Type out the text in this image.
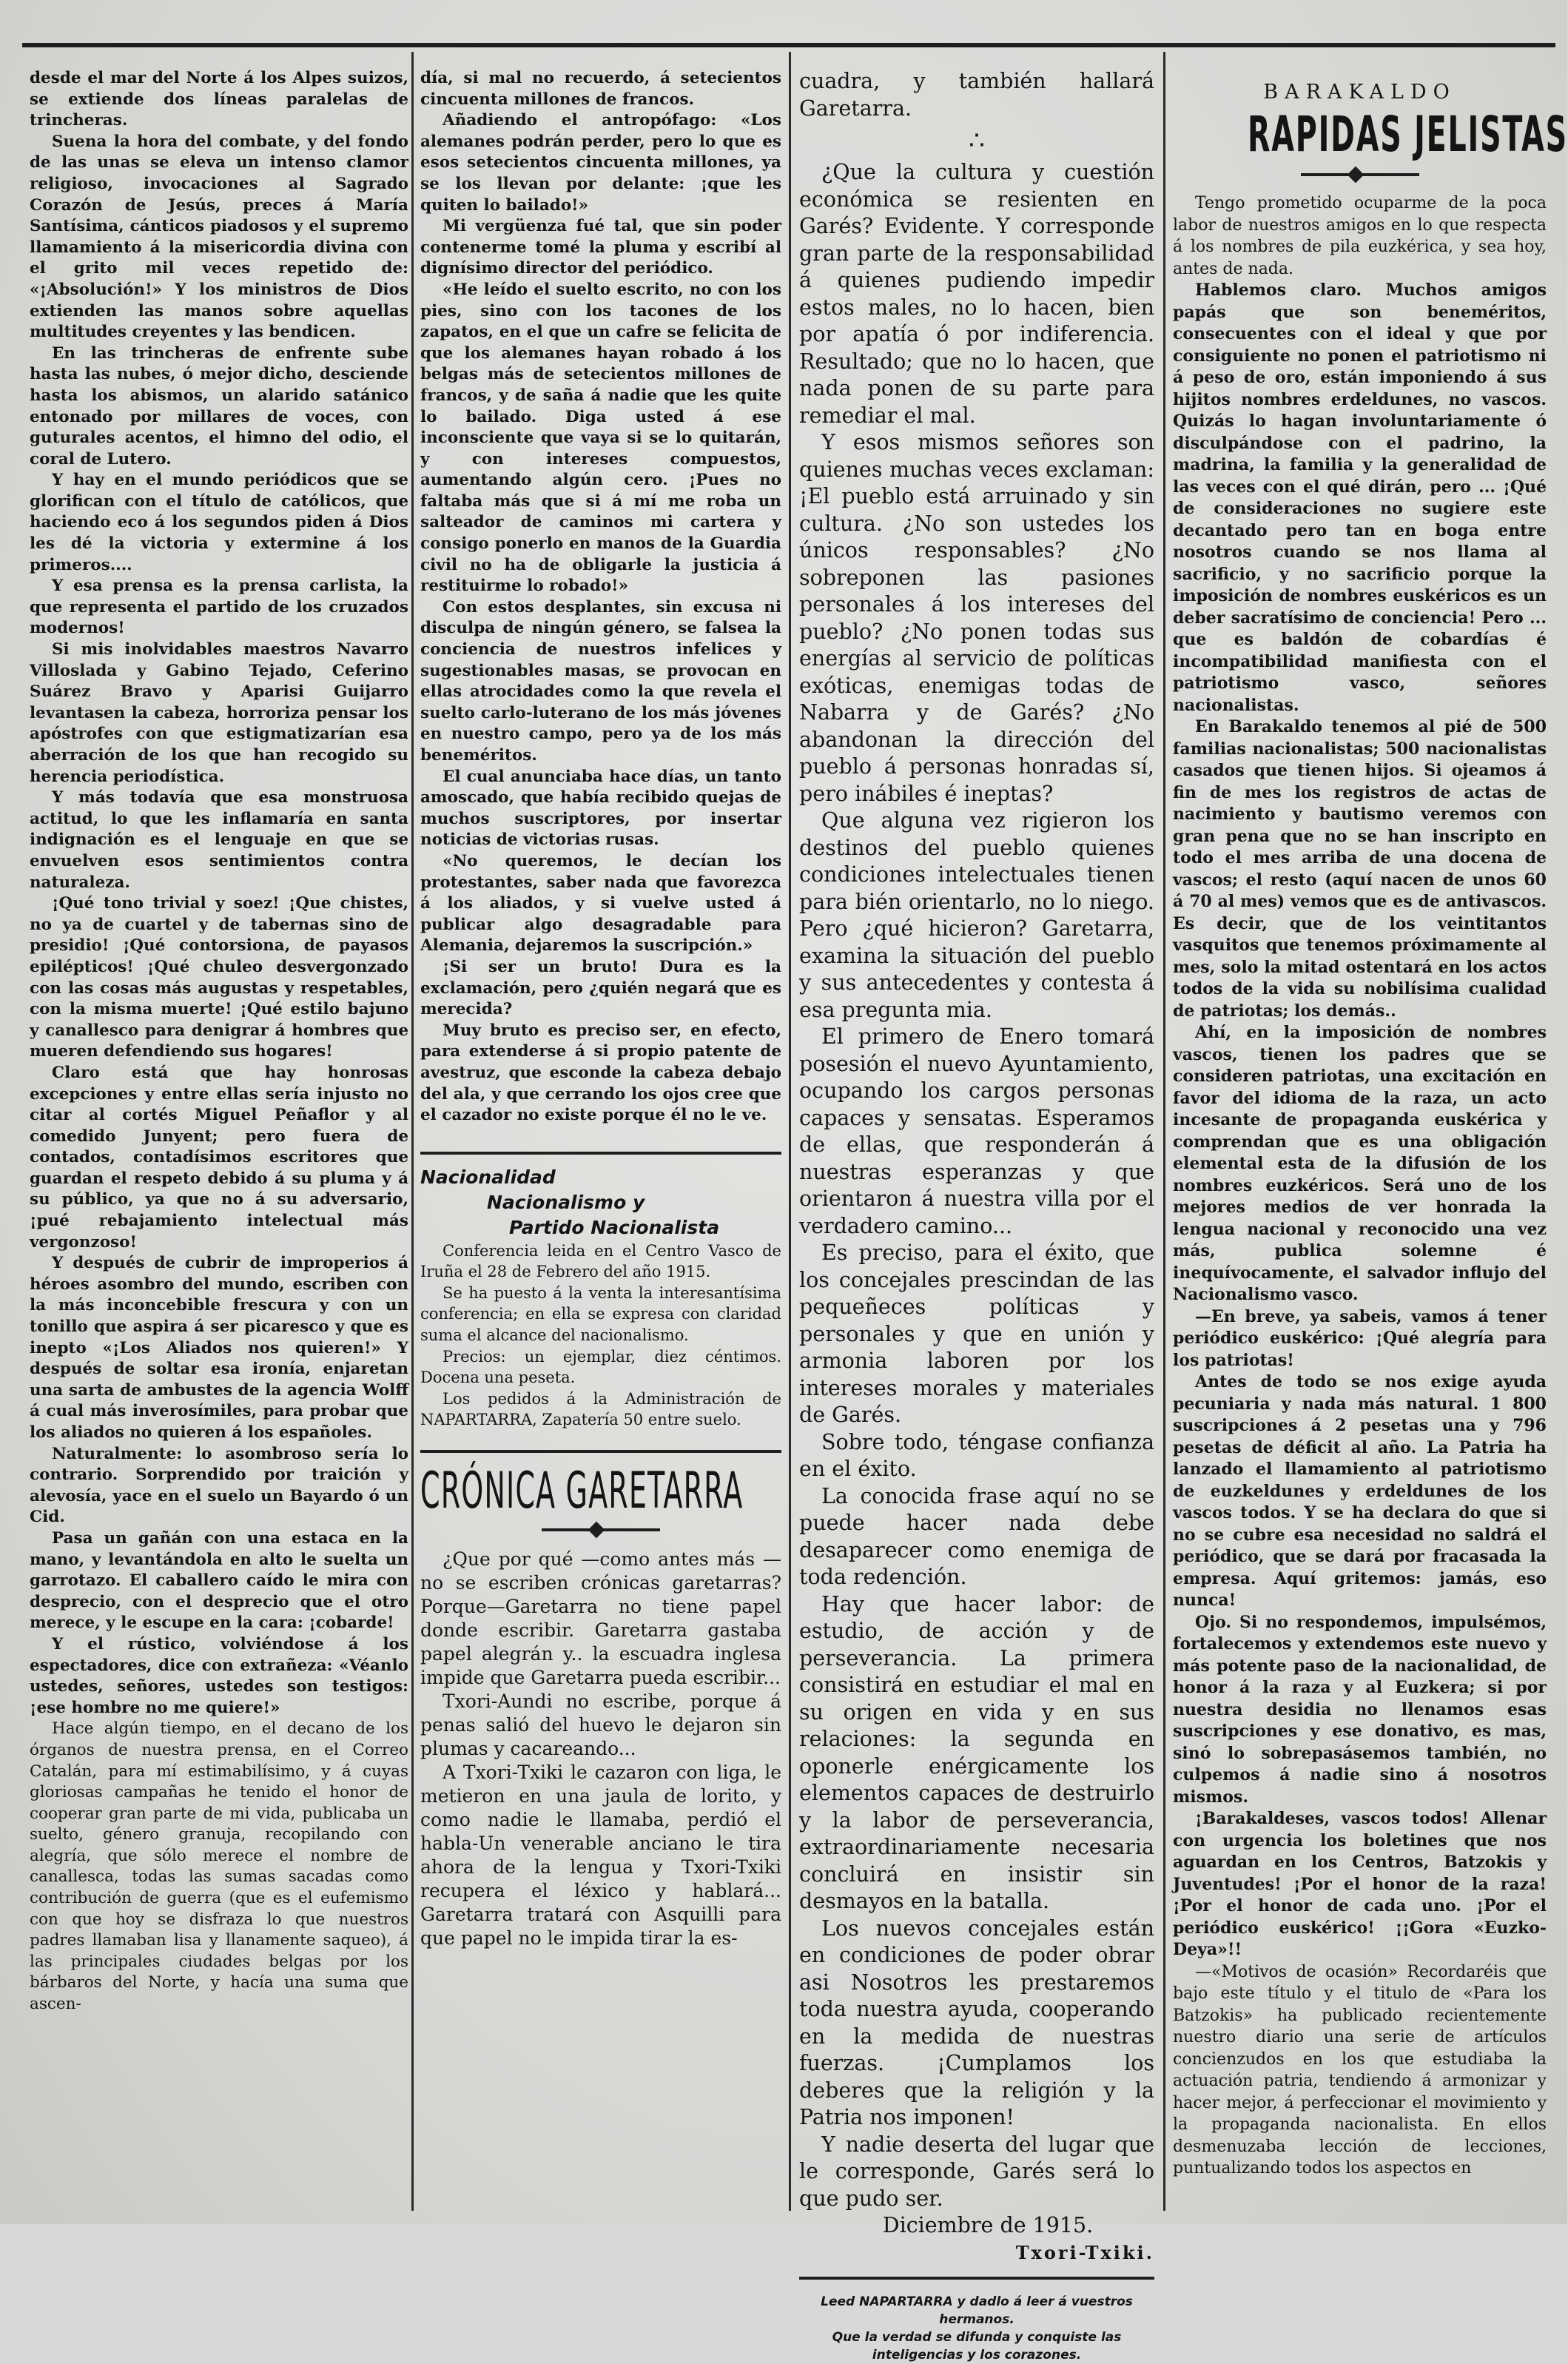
desde el mar del Norte á los Alpes suizos, se extiende dos líneas paralelas de trincheras.

Suena la hora del combate, y del fondo de las unas se eleva un intenso clamor religioso, invocaciones al Sagrado Corazón de Jesús, preces á María Santísima, cánticos piadosos y el supremo llamamiento á la misericordia divina con el grito mil veces repetido de: «¡Absolución!» Y los ministros de Dios extienden las manos sobre aquellas multitudes creyentes y las bendicen.

En las trincheras de enfrente sube hasta las nubes, ó mejor dicho, desciende hasta los abismos, un alarido satánico entonado por millares de voces, con guturales acentos, el himno del odio, el coral de Lutero.

Y hay en el mundo periódicos que se glorifican con el título de católicos, que haciendo eco á los segundos piden á Dios les dé la victoria y extermine á los primeros....

Y esa prensa es la prensa carlista, la que representa el partido de los cruzados modernos!

Si mis inolvidables maestros Navarro Villoslada y Gabino Tejado, Ceferino Suárez Bravo y Aparisi Guijarro levantasen la cabeza, horroriza pensar los apóstrofes con que estigmatizarían esa aberración de los que han recogido su herencia periodística.

Y más todavía que esa monstruosa actitud, lo que les inflamaría en santa indignación es el lenguaje en que se envuelven esos sentimientos contra naturaleza.

¡Qué tono trivial y soez! ¡Que chistes, no ya de cuartel y de tabernas sino de presidio! ¡Qué contorsiona, de payasos epilépticos! ¡Qué chuleo desvergonzado con las cosas más augustas y respetables, con la misma muerte! ¡Qué estilo bajuno y canallesco para denigrar á hombres que mueren defendiendo sus hogares!

Claro está que hay honrosas excepciones y entre ellas sería injusto no citar al cortés Miguel Peñaflor y al comedido Junyent; pero fuera de contados, contadísimos escritores que guardan el respeto debido á su pluma y á su público, ya que no á su adversario, ¡pué rebajamiento intelectual más vergonzoso!

Y después de cubrir de improperios á héroes asombro del mundo, escriben con la más inconcebible frescura y con un tonillo que aspira á ser picaresco y que es inepto «¡Los Aliados nos quieren!» Y después de soltar esa ironía, enjaretan una sarta de ambustes de la agencia Wolff á cual más inverosímiles, para probar que los aliados no quieren á los españoles.

Naturalmente: lo asombroso sería lo contrario. Sorprendido por traición y alevosía, yace en el suelo un Bayardo ó un Cid.

Pasa un gañán con una estaca en la mano, y levantándola en alto le suelta un garrotazo. El caballero caído le mira con desprecio, con el desprecio que el otro merece, y le escupe en la cara: ¡cobarde!

Y el rústico, volviéndose á los espectadores, dice con extrañeza: «Véanlo ustedes, señores, ustedes son testigos: ¡ese hombre no me quiere!»

Hace algún tiempo, en el decano de los órganos de nuestra prensa, en el Correo Catalán, para mí estimabilísimo, y á cuyas gloriosas campañas he tenido el honor de cooperar gran parte de mi vida, publicaba un suelto, género granuja, recopilando con alegría, que sólo merece el nombre de canallesca, todas las sumas sacadas como contribución de guerra (que es el eufemismo con que hoy se disfraza lo que nuestros padres llamaban lisa y llanamente saqueo), á las principales ciudades belgas por los bárbaros del Norte, y hacía una suma que ascen-

día, si mal no recuerdo, á setecientos cincuenta millones de francos.

Añadiendo el antropófago: «Los alemanes podrán perder, pero lo que es esos setecientos cincuenta millones, ya se los llevan por delante: ¡que les quiten lo bailado!»

Mi vergüenza fué tal, que sin poder contenerme tomé la pluma y escribí al dignísimo director del periódico.

«He leído el suelto escrito, no con los pies, sino con los tacones de los zapatos, en el que un cafre se felicita de que los alemanes hayan robado á los belgas más de setecientos millones de francos, y de saña á nadie que les quite lo bailado. Diga usted á ese inconsciente que vaya si se lo quitarán, y con intereses compuestos, aumentando algún cero. ¡Pues no faltaba más que si á mí me roba un salteador de caminos mi cartera y consigo ponerlo en manos de la Guardia civil no ha de obligarle la justicia á restituirme lo robado!»

Con estos desplantes, sin excusa ni disculpa de ningún género, se falsea la conciencia de nuestros infelices y sugestionables masas, se provocan en ellas atrocidades como la que revela el suelto carlo-luterano de los más jóvenes en nuestro campo, pero ya de los más beneméritos.

El cual anunciaba hace días, un tanto amoscado, que había recibido quejas de muchos suscriptores, por insertar noticias de victorias rusas.

«No queremos, le decían los protestantes, saber nada que favorezca á los aliados, y si vuelve usted á publicar algo desagradable para Alemania, dejaremos la suscripción.»

¡Si ser un bruto! Dura es la exclamación, pero ¿quién negará que es merecida?

Muy bruto es preciso ser, en efecto, para extenderse á si propio patente de avestruz, que esconde la cabeza debajo del ala, y que cerrando los ojos cree que el cazador no existe porque él no le ve.

Nacionalidad
Nacionalismo y
Partido Nacionalista

Conferencia leida en el Centro Vasco de Iruña el 28 de Febrero del año 1915.

Se ha puesto á la venta la interesantísima conferencia; en ella se expresa con claridad suma el alcance del nacionalismo.

Precios: un ejemplar, diez céntimos. Docena una peseta.

Los pedidos á la Administración de NAPARTARRA, Zapatería 50 entre suelo.

CRÓNICA GARETARRA

¿Que por qué —como antes más —no se escriben crónicas garetarras? Porque—Garetarra no tiene papel donde escribir. Garetarra gastaba papel alegrán y.. la escuadra inglesa impide que Garetarra pueda escribir...

Txori-Aundi no escribe, porque á penas salió del huevo le dejaron sin plumas y cacareando...

A Txori-Txiki le cazaron con liga, le metieron en una jaula de lorito, y como nadie le llamaba, perdió el habla-Un venerable anciano le tira ahora de la lengua y Txori-Txiki recupera el léxico y hablará... Garetarra tratará con Asquilli para que papel no le impida tirar la es-

cuadra, y también hallará Garetarra.

∴

¿Que la cultura y cuestión económica se resienten en Garés? Evidente. Y corresponde gran parte de la responsabilidad á quienes pudiendo impedir estos males, no lo hacen, bien por apatía ó por indiferencia. Resultado; que no lo hacen, que nada ponen de su parte para remediar el mal.

Y esos mismos señores son quienes muchas veces exclaman: ¡El pueblo está arruinado y sin cultura. ¿No son ustedes los únicos responsables? ¿No sobreponen las pasiones personales á los intereses del pueblo? ¿No ponen todas sus energías al servicio de políticas exóticas, enemigas todas de Nabarra y de Garés? ¿No abandonan la dirección del pueblo á personas honradas sí, pero inábiles é ineptas?

Que alguna vez rigieron los destinos del pueblo quienes condiciones intelectuales tienen para bién orientarlo, no lo niego. Pero ¿qué hicieron? Garetarra, examina la situación del pueblo y sus antecedentes y contesta á esa pregunta mia.

El primero de Enero tomará posesión el nuevo Ayuntamiento, ocupando los cargos personas capaces y sensatas. Esperamos de ellas, que responderán á nuestras esperanzas y que orientaron á nuestra villa por el verdadero camino...

Es preciso, para el éxito, que los concejales prescindan de las pequeñeces políticas y personales y que en unión y armonia laboren por los intereses morales y materiales de Garés.

Sobre todo, téngase confianza en el éxito.

La conocida frase aquí no se puede hacer nada debe desaparecer como enemiga de toda redención.

Hay que hacer labor: de estudio, de acción y de perseverancia. La primera consistirá en estudiar el mal en su origen en vida y en sus relaciones: la segunda en oponerle enérgicamente los elementos capaces de destruirlo y la labor de perseverancia, extraordinariamente necesaria concluirá en insistir sin desmayos en la batalla.

Los nuevos concejales están en condiciones de poder obrar asi Nosotros les prestaremos toda nuestra ayuda, cooperando en la medida de nuestras fuerzas. ¡Cumplamos los deberes que la religión y la Patria nos imponen!

Y nadie deserta del lugar que le corresponde, Garés será lo que pudo ser.

Diciembre de 1915.

Txori-Txiki.

Leed NAPARTARRA y dadlo á leer á vuestros hermanos.

Que la verdad se difunda y conquiste las inteligencias y los corazones.

BARAKALDO
RAPIDAS JELISTAS

Tengo prometido ocuparme de la poca labor de nuestros amigos en lo que respecta á los nombres de pila euzkérica, y sea hoy, antes de nada.

Hablemos claro. Muchos amigos papás que son beneméritos, consecuentes con el ideal y que por consiguiente no ponen el patriotismo ni á peso de oro, están imponiendo á sus hijitos nombres erdeldunes, no vascos. Quizás lo hagan involuntariamente ó disculpándose con el padrino, la madrina, la familia y la generalidad de las veces con el qué dirán, pero ... ¡Qué de consideraciones no sugiere este decantado pero tan en boga entre nosotros cuando se nos llama al sacrificio, y no sacrificio porque la imposición de nombres euskéricos es un deber sacratísimo de conciencia! Pero ... que es baldón de cobardías é incompatibilidad manifiesta con el patriotismo vasco, señores nacionalistas.

En Barakaldo tenemos al pié de 500 familias nacionalistas; 500 nacionalistas casados que tienen hijos. Si ojeamos á fin de mes los registros de actas de nacimiento y bautismo veremos con gran pena que no se han inscripto en todo el mes arriba de una docena de vascos; el resto (aquí nacen de unos 60 á 70 al mes) vemos que es de antivascos. Es decir, que de los veintitantos vasquitos que tenemos próximamente al mes, solo la mitad ostentará en los actos todos de la vida su nobilísima cualidad de patriotas; los demás..

Ahí, en la imposición de nombres vascos, tienen los padres que se consideren patriotas, una excitación en favor del idioma de la raza, un acto incesante de propaganda euskérica y comprendan que es una obligación elemental esta de la difusión de los nombres euzkéricos. Será uno de los mejores medios de ver honrada la lengua nacional y reconocido una vez más, publica solemne é inequívocamente, el salvador influjo del Nacionalismo vasco.

—En breve, ya sabeis, vamos á tener periódico euskérico: ¡Qué alegría para los patriotas!

Antes de todo se nos exige ayuda pecuniaria y nada más natural. 1 800 suscripciones á 2 pesetas una y 796 pesetas de déficit al año. La Patria ha lanzado el llamamiento al patriotismo de euzkeldunes y erdeldunes de los vascos todos. Y se ha declara do que si no se cubre esa necesidad no saldrá el periódico, que se dará por fracasada la empresa. Aquí gritemos: jamás, eso nunca!

Ojo. Si no respondemos, impulsémos, fortalecemos y extendemos este nuevo y más potente paso de la nacionalidad, de honor á la raza y al Euzkera; si por nuestra desidia no llenamos esas suscripciones y ese donativo, es mas, sinó lo sobrepasásemos también, no culpemos á nadie sino á nosotros mismos.

¡Barakaldeses, vascos todos! Allenar con urgencia los boletines que nos aguardan en los Centros, Batzokis y Juventudes! ¡Por el honor de la raza! ¡Por el honor de cada uno. ¡Por el periódico euskérico! ¡¡Gora «Euzko-Deya»!!

—«Motivos de ocasión» Recordaréis que bajo este título y el titulo de «Para los Batzokis» ha publicado recientemente nuestro diario una serie de artículos concienzudos en los que estudiaba la actuación patria, tendiendo á armonizar y hacer mejor, á perfeccionar el movimiento y la propaganda nacionalista. En ellos desmenuzaba lección de lecciones, puntualizando todos los aspectos en
